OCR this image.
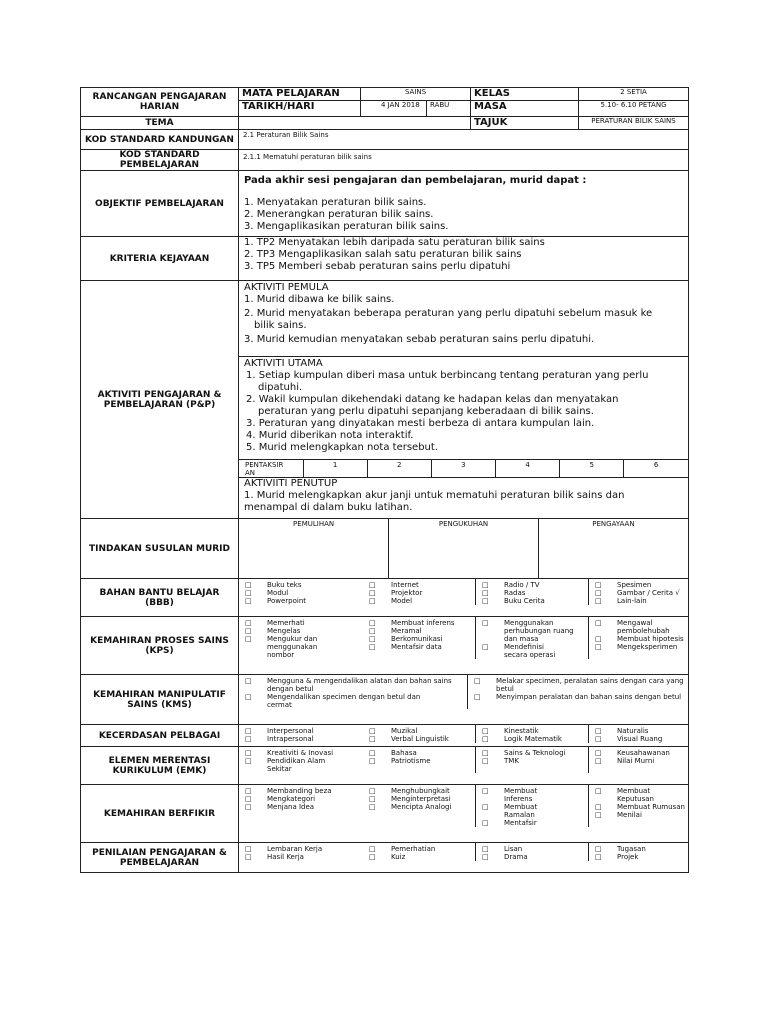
RANCANGAN PENGAJARAN HARIAN	MATA PELAJARAN	SAINS	KELAS	2 SETIA
TARIKH/HARI	4 JAN 2018	RABU	MASA	5.10- 6.10 PETANG
TEMA		TAJUK	PERATURAN BILIK SAINS
KOD STANDARD KANDUNGAN	2.1 Peraturan Bilik Sains
KOD STANDARD PEMBELAJARAN	2.1.1 Mematuhi peraturan bilik sains
OBJEKTIF PEMBELAJARAN	
Pada akhir sesi pengajaran dan pembelajaran, murid dapat :
1. Menyatakan peraturan bilik sains.
2. Menerangkan peraturan bilik sains.
3. Mengaplikasikan peraturan bilik sains.

KRITERIA KEJAYAAN	
1. TP2 Menyatakan lebih daripada satu peraturan bilik sains
2. TP3 Mengaplikasikan salah satu peraturan bilik sains
3. TP5 Memberi sebab peraturan sains perlu dipatuhi

AKTIVITI PENGAJARAN & PEMBELAJARAN (P&P)	
AKTIVITI PEMULA
1. Murid dibawa ke bilik sains.
2. Murid menyatakan beberapa peraturan yang perlu dipatuhi sebelum masuk ke
bilik sains.
3. Murid kemudian menyatakan sebab peraturan sains perlu dipatuhi.
AKTIVITI UTAMA
1. Setiap kumpulan diberi masa untuk berbincang tentang peraturan yang perlu
dipatuhi.
2. Wakil kumpulan dikehendaki datang ke hadapan kelas dan menyatakan
peraturan yang perlu dipatuhi sepanjang keberadaan di bilik sains.
3. Peraturan yang dinyatakan mesti berbeza di antara kumpulan lain.
4. Murid diberikan nota interaktif.
5. Murid melengkapkan nota tersebut.
PENTAKSIRAN
	1	2	3	4	5	6
AKTIVIITI PENUTUP
1. Murid melengkapkan akur janji untuk mematuhi peraturan bilik sains dan
menampal di dalam buku latihan.

TINDAKAN SUSULAN MURID	
PEMULIHAN	PENGUKUHAN	PENGAYAAN

BAHAN BANTU BELAJAR (BBB)	
□	Buku teks
□	Modul
□	Powerpoint

□	Internet
□	Projektor
□	Model

□	Radio / TV
□	Radas
□	Buku Cerita

□	Spesimen
□	Gambar / Cerita √
□	Lain-lain

KEMAHIRAN PROSES SAINS (KPS)	
□	Memerhati
□	Mengelas
□	Mengukur dan menggunakan nombor

□	Membuat inferens
□	Meramal
□	Berkomunikasi
□	Mentafsir data

□	Menggunakan perhubungan ruang dan masa
□	Mendefinisi secara operasi

□	Mengawal pembolehubah
□	Membuat hipotesis
□	Mengeksperimen

KEMAHIRAN MANIPULATIF SAINS (KMS)	
□	Mengguna & mengendalikan alatan dan bahan sains dengan betul
□	Mengendalikan specimen dengan betul dan cermat

□	Melakar specimen, peralatan sains dengan cara yang betul
□	Menyimpan peralatan dan bahan sains dengan betul

KECERDASAN PELBAGAI		□	Interpersonal
□	Intrapersonal

□	Muzikal
□	Verbal Linguistik

□	Kinestatik
□	Logik Matematik

□	Naturalis
□	Visual Ruang

ELEMEN MERENTASI KURIKULUM (EMK)	
□	Kreativiti & Inovasi
□	Pendidikan Alam Sekitar

□	Bahasa
□	Patriotisme

□	Sains & Teknologi
□	TMK

□	Keusahawanan
□	Nilai Murni

KEMAHIRAN BERFIKIR	
□	Membanding beza
□	Mengkategori
□	Menjana Idea

□	Menghubungkait
□	Menginterpretasi
□	Mencipta Analogi

□	Membuat Inferens
□	Membuat Ramalan
□	Mentafsir

□	Membuat Keputusan
□	Membuat Rumusan
□	Menilai

PENILAIAN PENGAJARAN & PEMBELAJARAN	
□	Lembaran Kerja
□	Hasil Kerja

□	Pemerhatian
□	Kuiz

□	Lisan
□	Drama

□	Tugasan
□	Projek
